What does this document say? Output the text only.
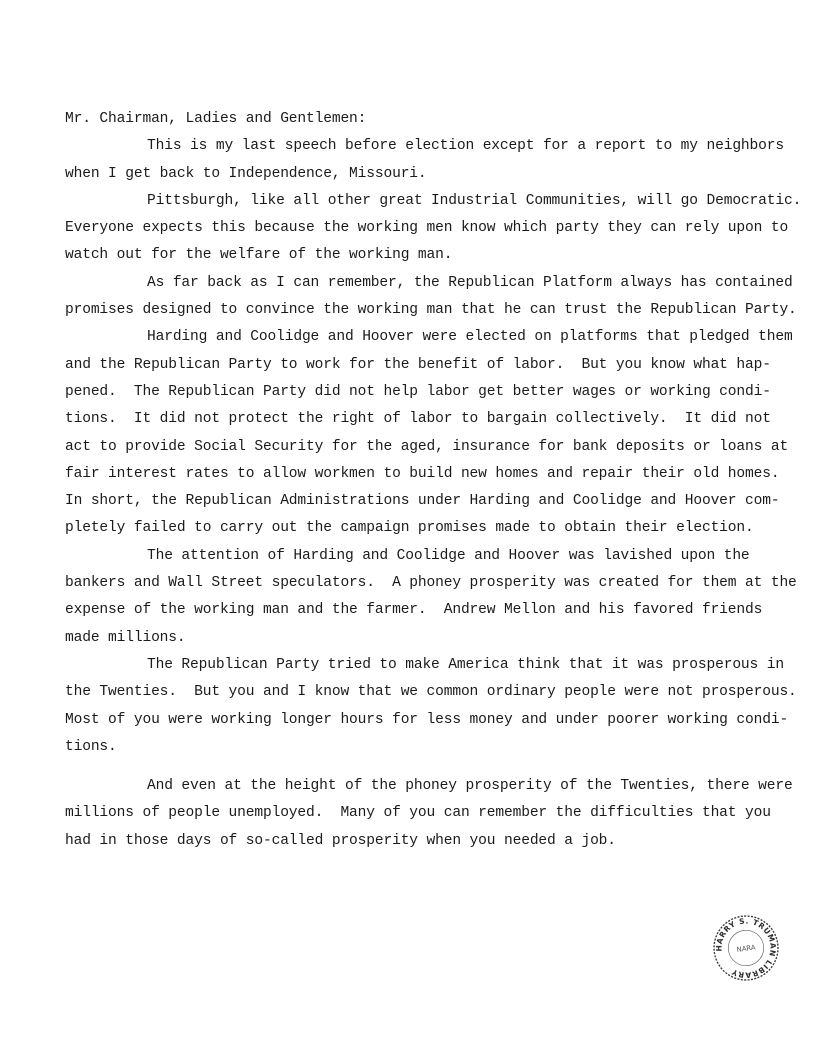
Mr. Chairman, Ladies and Gentlemen:
This is my last speech before election except for a report to my neighbors
when I get back to Independence, Missouri.
Pittsburgh, like all other great Industrial Communities, will go Democratic.
Everyone expects this because the working men know which party they can rely upon to
watch out for the welfare of the working man.
As far back as I can remember, the Republican Platform always has contained
promises designed to convince the working man that he can trust the Republican Party.
Harding and Coolidge and Hoover were elected on platforms that pledged them
and the Republican Party to work for the benefit of labor.  But you know what hap-
pened.  The Republican Party did not help labor get better wages or working condi-
tions.  It did not protect the right of labor to bargain collectively.  It did not
act to provide Social Security for the aged, insurance for bank deposits or loans at
fair interest rates to allow workmen to build new homes and repair their old homes.
In short, the Republican Administrations under Harding and Coolidge and Hoover com-
pletely failed to carry out the campaign promises made to obtain their election.
The attention of Harding and Coolidge and Hoover was lavished upon the
bankers and Wall Street speculators.  A phoney prosperity was created for them at the
expense of the working man and the farmer.  Andrew Mellon and his favored friends
made millions.
The Republican Party tried to make America think that it was prosperous in
the Twenties.  But you and I know that we common ordinary people were not prosperous.
Most of you were working longer hours for less money and under poorer working condi-
tions.
And even at the height of the phoney prosperity of the Twenties, there were
millions of people unemployed.  Many of you can remember the difficulties that you
had in those days of so-called prosperity when you needed a job.
HARRY S. TRUMAN LIBRARY
NARA
